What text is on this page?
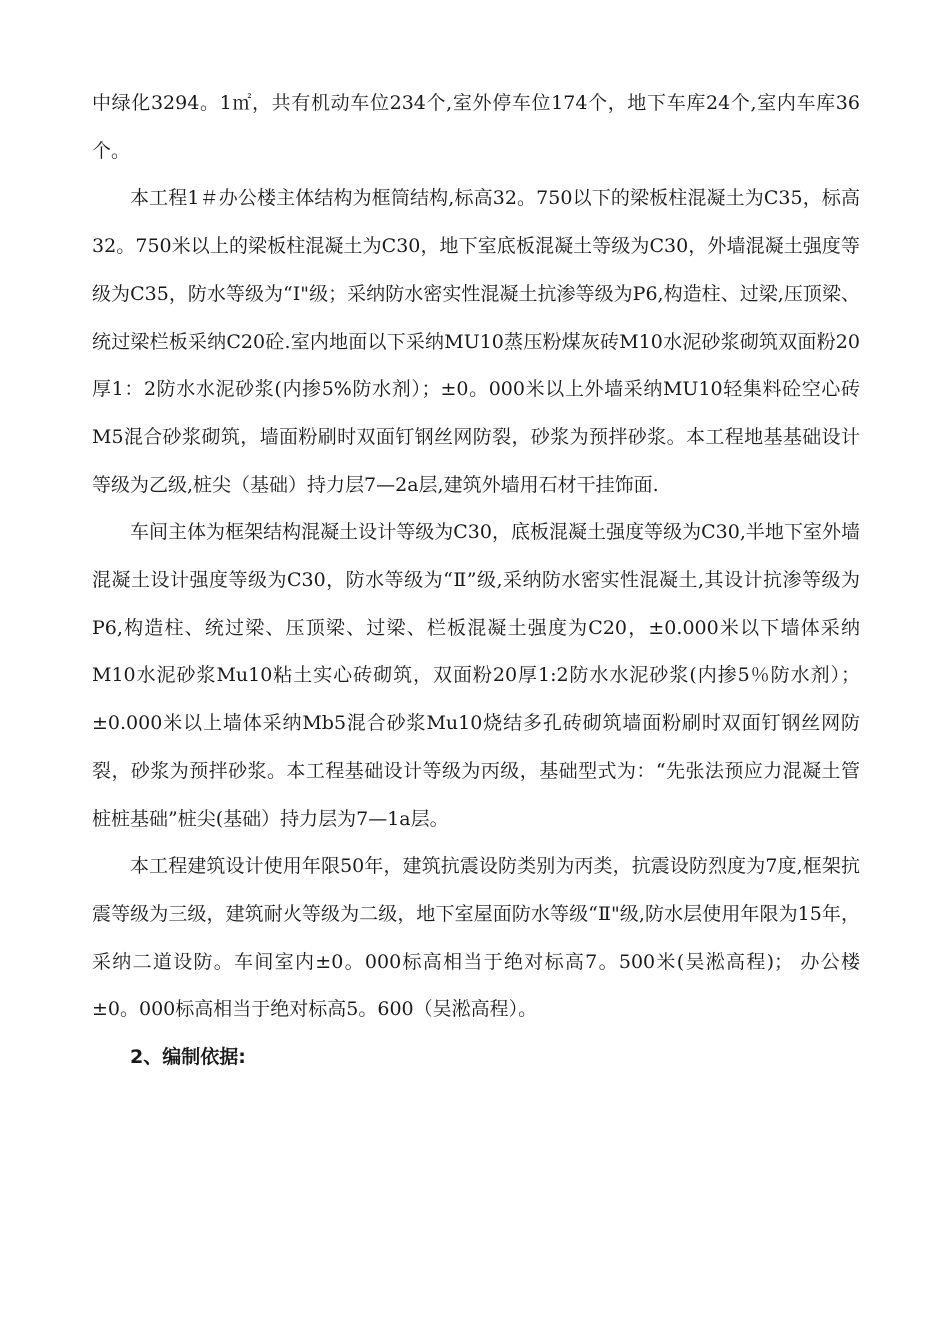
中绿化3294。1㎡，共有机动车位234个,室外停车位174个，地下车库24个,室内车库36个。

本工程1＃办公楼主体结构为框筒结构,标高32。750以下的梁板柱混凝土为C35，标高32。750米以上的梁板柱混凝土为C30，地下室底板混凝土等级为C30，外墙混凝土强度等级为C35，防水等级为“Ⅰ"级；采纳防水密实性混凝土抗渗等级为P6,构造柱、过梁,压顶梁、统过梁栏板采纳C20砼.室内地面以下采纳MU10蒸压粉煤灰砖M10水泥砂浆砌筑双面粉20厚1：2防水水泥砂浆(内掺5%防水剂）；±0。000米以上外墙采纳MU10轻集料砼空心砖M5混合砂浆砌筑，墙面粉刷时双面钉钢丝网防裂，砂浆为预拌砂浆。本工程地基基础设计等级为乙级,桩尖（基础）持力层7—2a层,建筑外墙用石材干挂饰面.

车间主体为框架结构混凝土设计等级为C30，底板混凝土强度等级为C30,半地下室外墙混凝土设计强度等级为C30，防水等级为“Ⅱ”级,采纳防水密实性混凝土,其设计抗渗等级为P6,构造柱、统过梁、压顶梁、过梁、栏板混凝土强度为C20，±0.000米以下墙体采纳M10水泥砂浆Mu10粘土实心砖砌筑，双面粉20厚1:2防水水泥砂浆(内掺5％防水剂）；±0.000米以上墙体采纳Mb5混合砂浆Mu10烧结多孔砖砌筑墙面粉刷时双面钉钢丝网防裂，砂浆为预拌砂浆。本工程基础设计等级为丙级，基础型式为：“先张法预应力混凝土管桩桩基础”桩尖(基础）持力层为7—1a层。

本工程建筑设计使用年限50年，建筑抗震设防类别为丙类，抗震设防烈度为7度,框架抗震等级为三级，建筑耐火等级为二级，地下室屋面防水等级“Ⅱ"级,防水层使用年限为15年，采纳二道设防。车间室内±0。000标高相当于绝对标高7。500米(吴淞高程)； 办公楼±0。000标高相当于绝对标高5。600（吴淞高程）。

2、编制依据:
